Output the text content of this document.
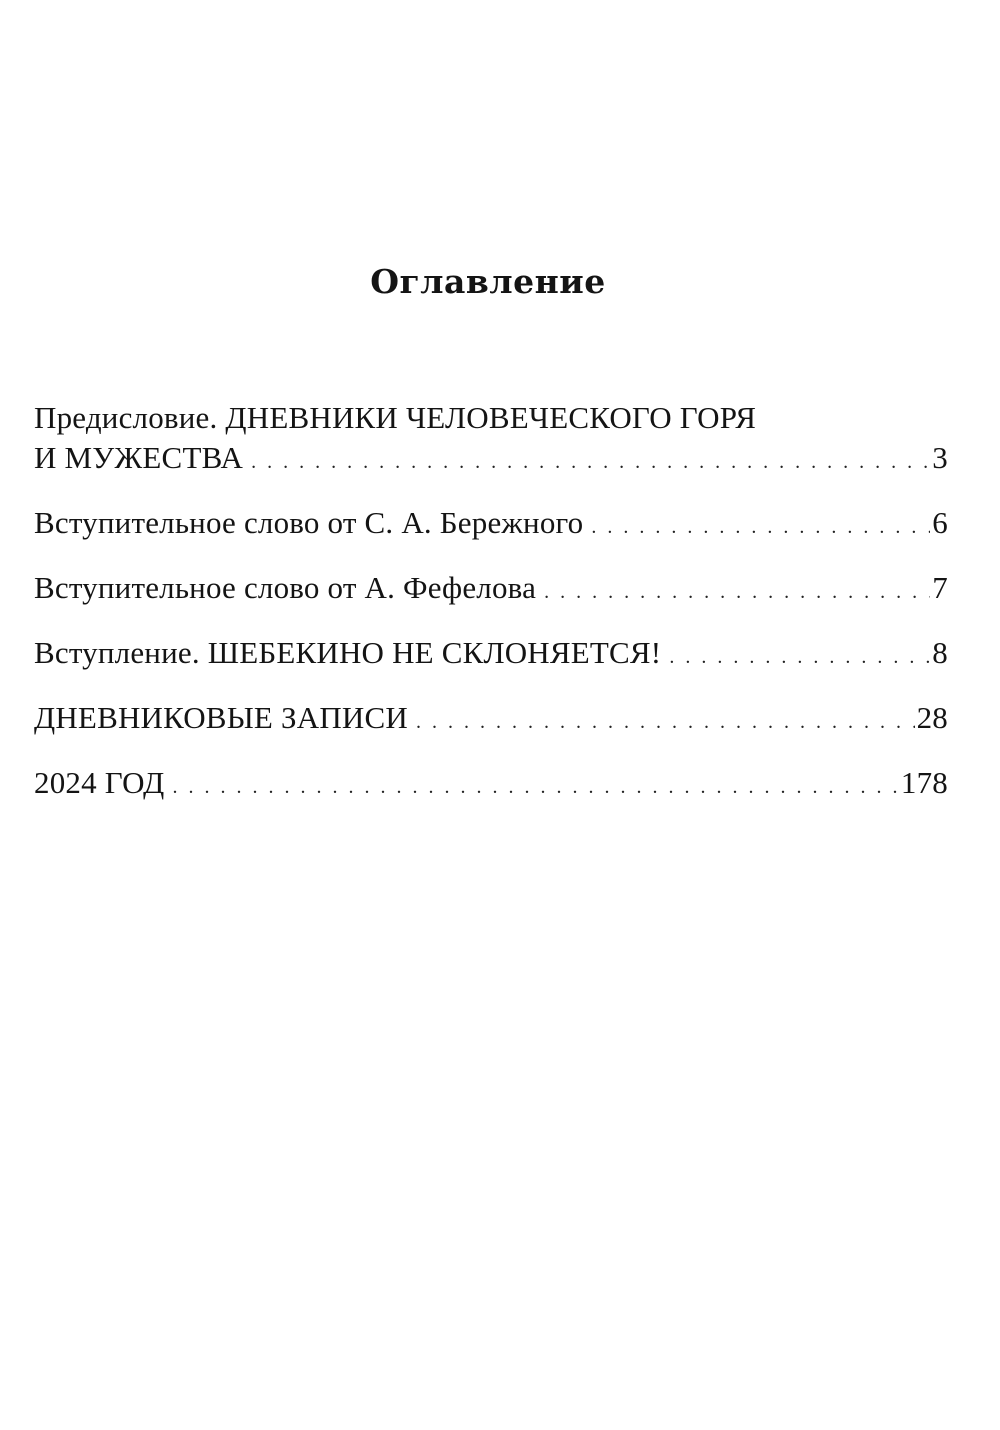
Оглавление
Предисловие. ДНЕВНИКИ ЧЕЛОВЕЧЕСКОГО ГОРЯ
И МУЖЕСТВА . . .	3
Вступительное слово от С. А. Бережного . . .	6
Вступительное слово от А. Фефелова . . .	7
Вступление. ШЕБЕКИНО НЕ СКЛОНЯЕТСЯ! . . .	8
ДНЕВНИКОВЫЕ ЗАПИСИ . . .	28
2024 ГОД . . .	178
